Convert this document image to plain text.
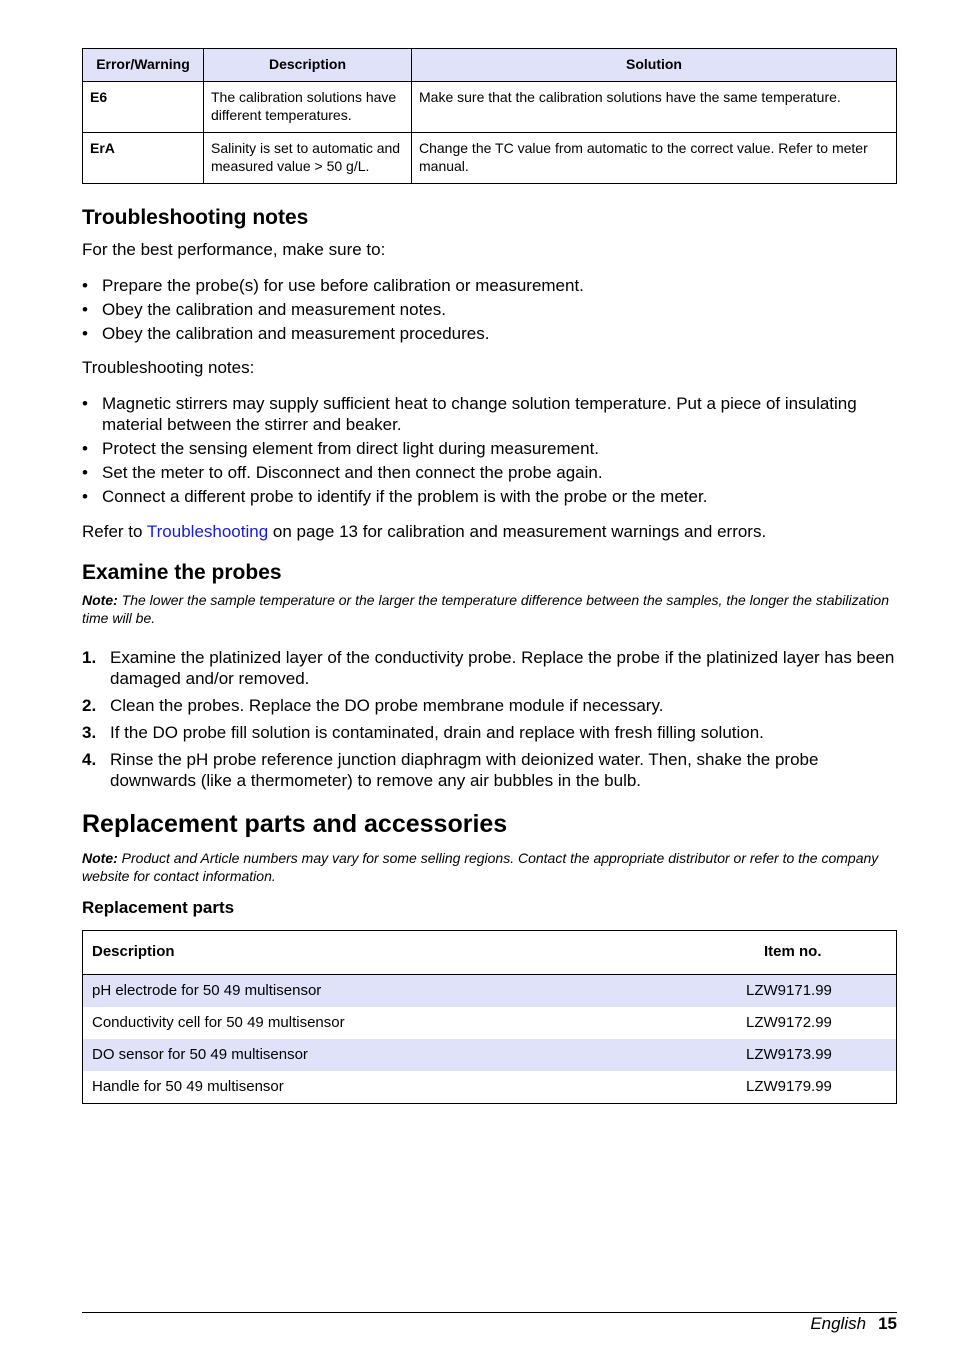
Error/Warning	Description	Solution
E6	The calibration solutions have different temperatures.	Make sure that the calibration solutions have the same temperature.
ErA	Salinity is set to automatic and measured value > 50 g/L.	Change the TC value from automatic to the correct value. Refer to meter manual.
Troubleshooting notes

For the best performance, make sure to:

• Prepare the probe(s) for use before calibration or measurement.
• Obey the calibration and measurement notes.
• Obey the calibration and measurement procedures.

Troubleshooting notes:

• Magnetic stirrers may supply sufficient heat to change solution temperature. Put a piece of insulating material between the stirrer and beaker.
• Protect the sensing element from direct light during measurement.
• Set the meter to off. Disconnect and then connect the probe again.
• Connect a different probe to identify if the problem is with the probe or the meter.

Refer to Troubleshooting on page 13 for calibration and measurement warnings and errors.

Examine the probes

Note: The lower the sample temperature or the larger the temperature difference between the samples, the longer the stabilization time will be.

1. Examine the platinized layer of the conductivity probe. Replace the probe if the platinized layer has been damaged and/or removed.
2. Clean the probes. Replace the DO probe membrane module if necessary.
3. If the DO probe fill solution is contaminated, drain and replace with fresh filling solution.
4. Rinse the pH probe reference junction diaphragm with deionized water. Then, shake the probe downwards (like a thermometer) to remove any air bubbles in the bulb.
Replacement parts and accessories

Note: Product and Article numbers may vary for some selling regions. Contact the appropriate distributor or refer to the company website for contact information.

Replacement parts
Description	Item no.
pH electrode for 50 49 multisensor	LZW9171.99
Conductivity cell for 50 49 multisensor	LZW9172.99
DO sensor for 50 49 multisensor	LZW9173.99
Handle for 50 49 multisensor	LZW9179.99
English 15
